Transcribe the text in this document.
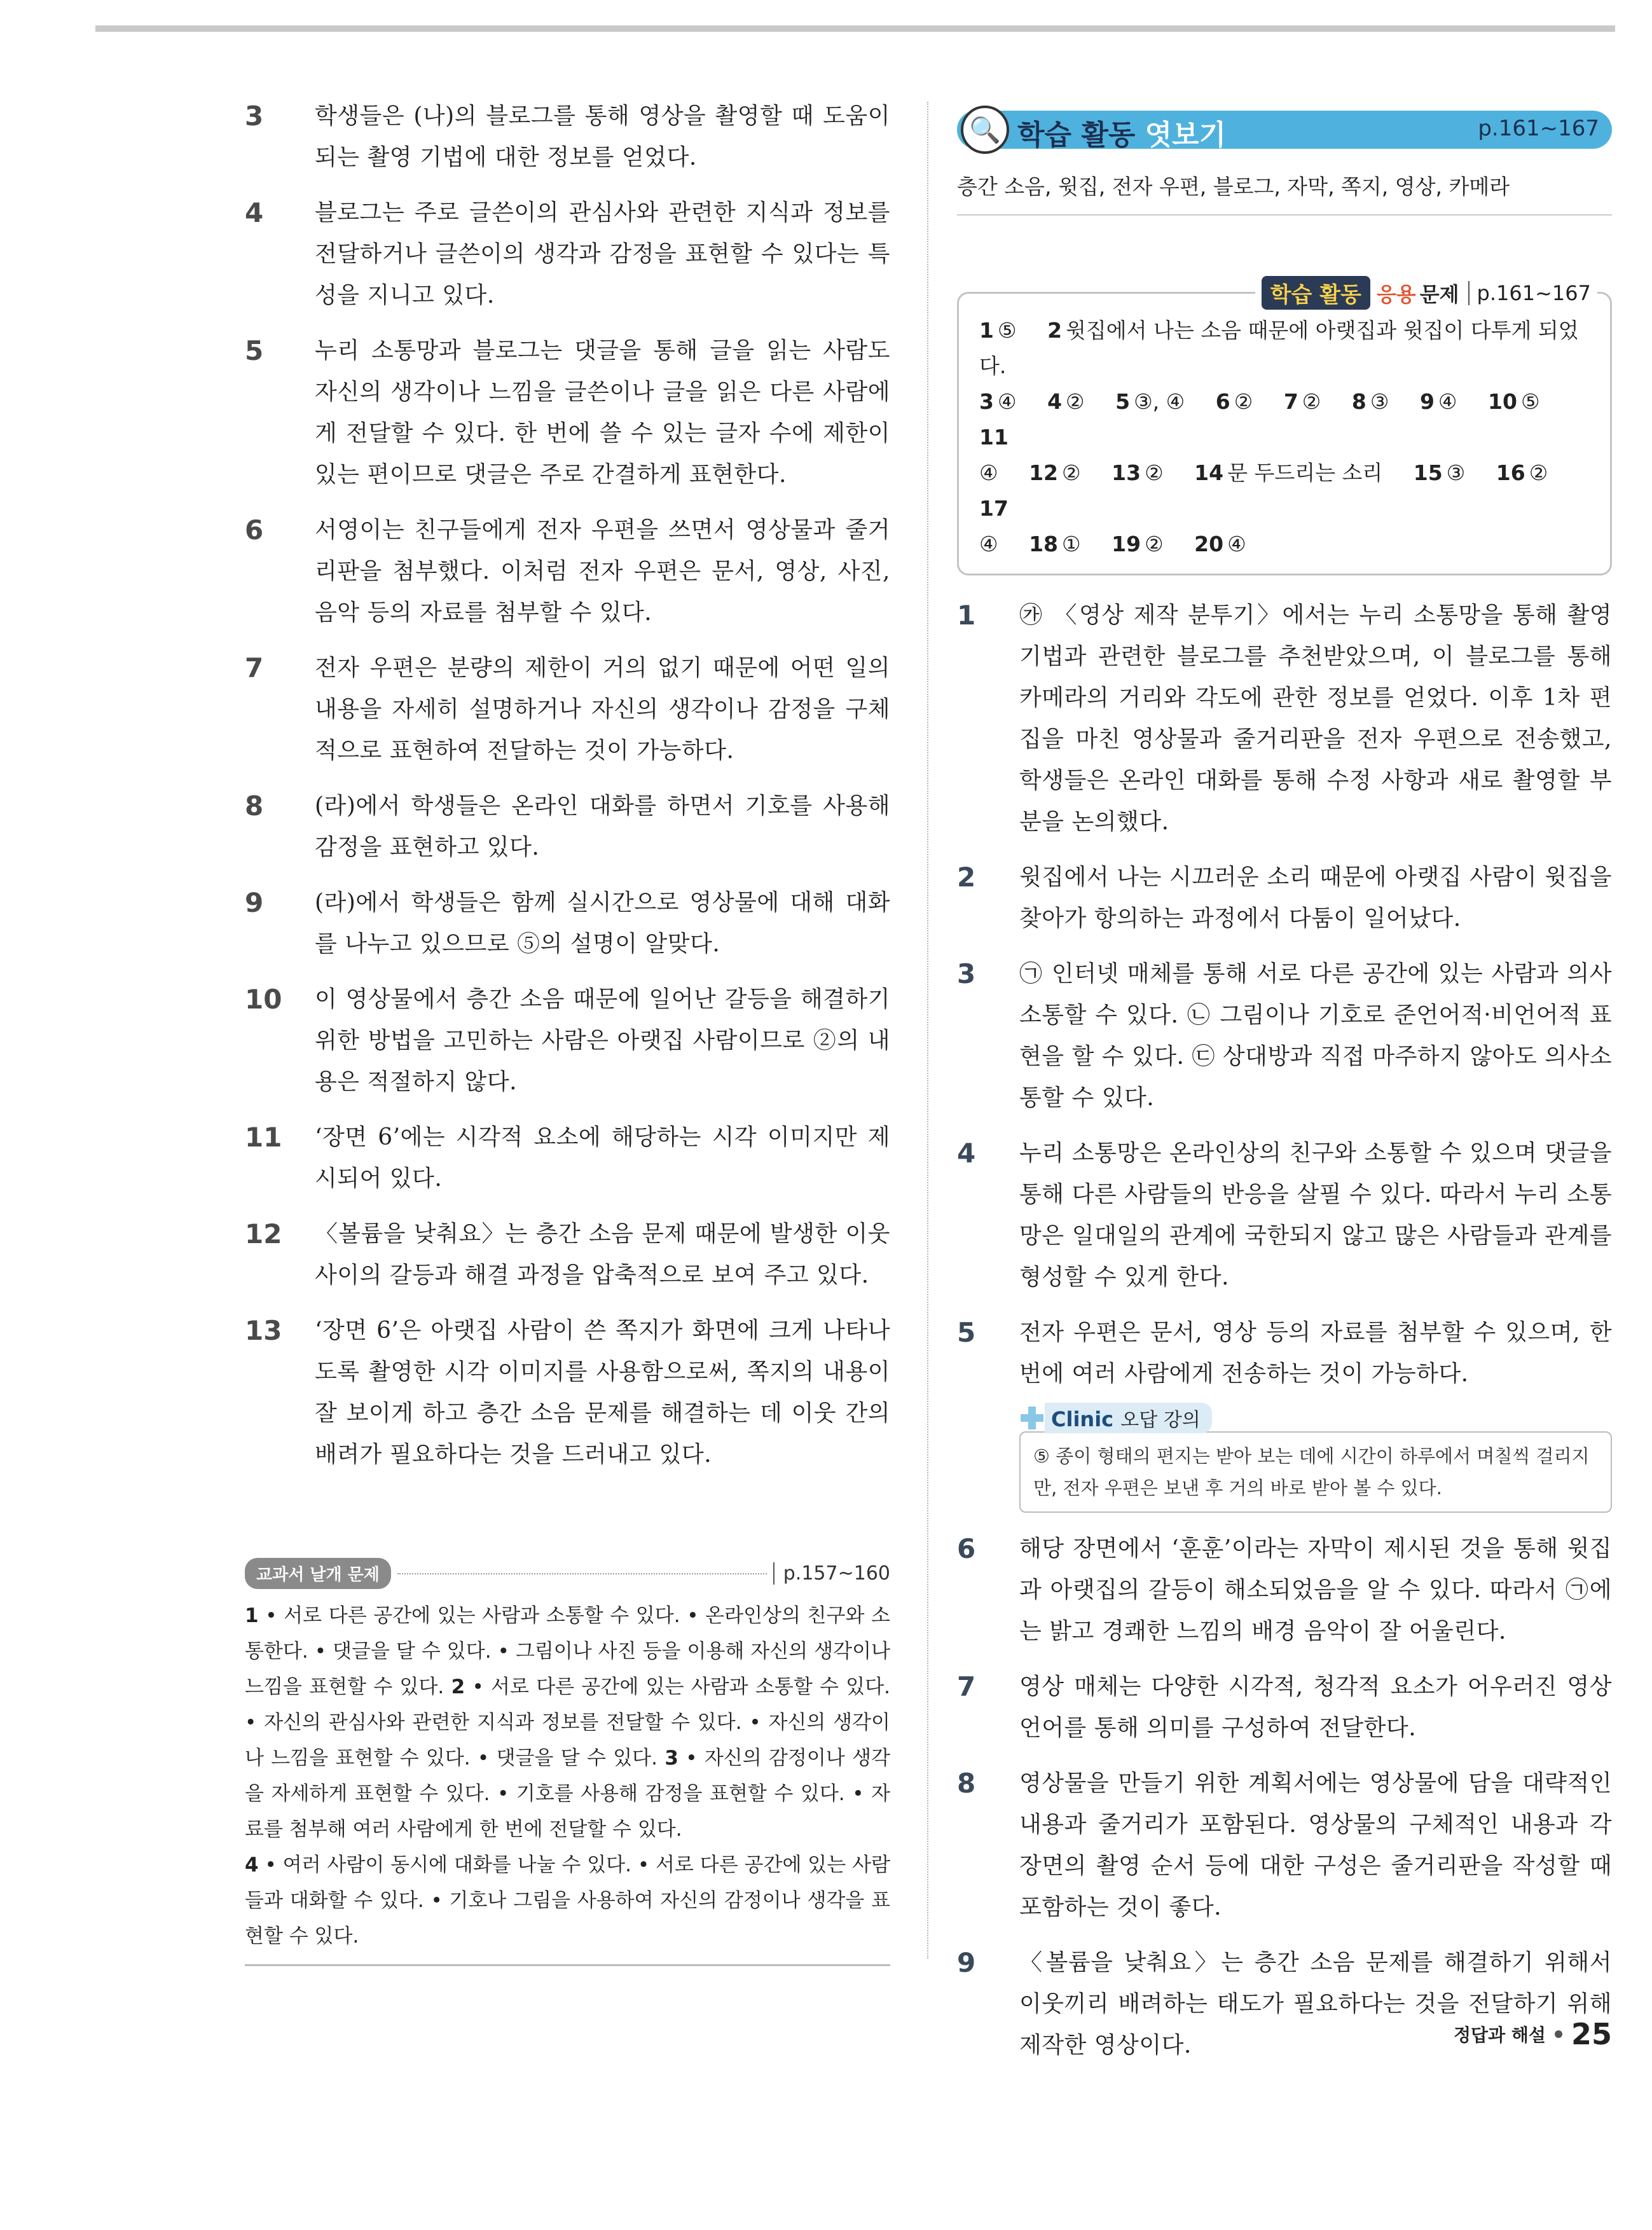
3	학생들은 (나)의 블로그를 통해 영상을 촬영할 때 도움이 되는 촬영 기법에 대한 정보를 얻었다.
4	블로그는 주로 글쓴이의 관심사와 관련한 지식과 정보를 전달하거나 글쓴이의 생각과 감정을 표현할 수 있다는 특성을 지니고 있다.
5	누리 소통망과 블로그는 댓글을 통해 글을 읽는 사람도 자신의 생각이나 느낌을 글쓴이나 글을 읽은 다른 사람에게 전달할 수 있다. 한 번에 쓸 수 있는 글자 수에 제한이 있는 편이므로 댓글은 주로 간결하게 표현한다.
6	서영이는 친구들에게 전자 우편을 쓰면서 영상물과 줄거리판을 첨부했다. 이처럼 전자 우편은 문서, 영상, 사진, 음악 등의 자료를 첨부할 수 있다.
7	전자 우편은 분량의 제한이 거의 없기 때문에 어떤 일의 내용을 자세히 설명하거나 자신의 생각이나 감정을 구체적으로 표현하여 전달하는 것이 가능하다.
8	(라)에서 학생들은 온라인 대화를 하면서 기호를 사용해 감정을 표현하고 있다.
9	(라)에서 학생들은 함께 실시간으로 영상물에 대해 대화를 나누고 있으므로 ⑤의 설명이 알맞다.
10	이 영상물에서 층간 소음 때문에 일어난 갈등을 해결하기 위한 방법을 고민하는 사람은 아랫집 사람이므로 ②의 내용은 적절하지 않다.
11	‘장면 6’에는 시각적 요소에 해당하는 시각 이미지만 제시되어 있다.
12	〈볼륨을 낮춰요〉는 층간 소음 문제 때문에 발생한 이웃 사이의 갈등과 해결 과정을 압축적으로 보여 주고 있다.
13	‘장면 6’은 아랫집 사람이 쓴 쪽지가 화면에 크게 나타나도록 촬영한 시각 이미지를 사용함으로써, 쪽지의 내용이 잘 보이게 하고 층간 소음 문제를 해결하는 데 이웃 간의 배려가 필요하다는 것을 드러내고 있다.
교과서 날개 문제	p.157~160
1 • 서로 다른 공간에 있는 사람과 소통할 수 있다. • 온라인상의 친구와 소통한다. • 댓글을 달 수 있다. • 그림이나 사진 등을 이용해 자신의 생각이나 느낌을 표현할 수 있다. 2 • 서로 다른 공간에 있는 사람과 소통할 수 있다. • 자신의 관심사와 관련한 지식과 정보를 전달할 수 있다. • 자신의 생각이나 느낌을 표현할 수 있다. • 댓글을 달 수 있다. 3 • 자신의 감정이나 생각을 자세하게 표현할 수 있다. • 기호를 사용해 감정을 표현할 수 있다. • 자료를 첨부해 여러 사람에게 한 번에 전달할 수 있다.
4 • 여러 사람이 동시에 대화를 나눌 수 있다. • 서로 다른 공간에 있는 사람들과 대화할 수 있다. • 기호나 그림을 사용하여 자신의 감정이나 생각을 표현할 수 있다.
🔍 학습 활동 엿보기	p.161~167
층간 소음, 윗집, 전자 우편, 블로그, 자막, 쪽지, 영상, 카메라
학습 활동 응용 문제 p.161~167
1 ⑤ 2 윗집에서 나는 소음 때문에 아랫집과 윗집이 다투게 되었다.
3 ④ 4 ② 5 ③, ④ 6 ② 7 ② 8 ③ 9 ④ 10 ⑤ 11
④ 12 ② 13 ② 14 문 두드리는 소리 15 ③ 16 ② 17
④ 18 ① 19 ② 20 ④
1	㉮ 〈영상 제작 분투기〉에서는 누리 소통망을 통해 촬영 기법과 관련한 블로그를 추천받았으며, 이 블로그를 통해 카메라의 거리와 각도에 관한 정보를 얻었다. 이후 1차 편집을 마친 영상물과 줄거리판을 전자 우편으로 전송했고, 학생들은 온라인 대화를 통해 수정 사항과 새로 촬영할 부분을 논의했다.
2	윗집에서 나는 시끄러운 소리 때문에 아랫집 사람이 윗집을 찾아가 항의하는 과정에서 다툼이 일어났다.
3	㉠ 인터넷 매체를 통해 서로 다른 공간에 있는 사람과 의사소통할 수 있다. ㉡ 그림이나 기호로 준언어적·비언어적 표현을 할 수 있다. ㉢ 상대방과 직접 마주하지 않아도 의사소통할 수 있다.
4	누리 소통망은 온라인상의 친구와 소통할 수 있으며 댓글을 통해 다른 사람들의 반응을 살필 수 있다. 따라서 누리 소통망은 일대일의 관계에 국한되지 않고 많은 사람들과 관계를 형성할 수 있게 한다.
5	전자 우편은 문서, 영상 등의 자료를 첨부할 수 있으며, 한 번에 여러 사람에게 전송하는 것이 가능하다.
Clinic 오답 강의
⑤ 종이 형태의 편지는 받아 보는 데에 시간이 하루에서 며칠씩 걸리지만, 전자 우편은 보낸 후 거의 바로 받아 볼 수 있다.
6	해당 장면에서 ‘훈훈’이라는 자막이 제시된 것을 통해 윗집과 아랫집의 갈등이 해소되었음을 알 수 있다. 따라서 ㉠에는 밝고 경쾌한 느낌의 배경 음악이 잘 어울린다.
7	영상 매체는 다양한 시각적, 청각적 요소가 어우러진 영상 언어를 통해 의미를 구성하여 전달한다.
8	영상물을 만들기 위한 계획서에는 영상물에 담을 대략적인 내용과 줄거리가 포함된다. 영상물의 구체적인 내용과 각 장면의 촬영 순서 등에 대한 구성은 줄거리판을 작성할 때 포함하는 것이 좋다.
9	〈볼륨을 낮춰요〉는 층간 소음 문제를 해결하기 위해서 이웃끼리 배려하는 태도가 필요하다는 것을 전달하기 위해 제작한 영상이다.	정답과 해설 25
